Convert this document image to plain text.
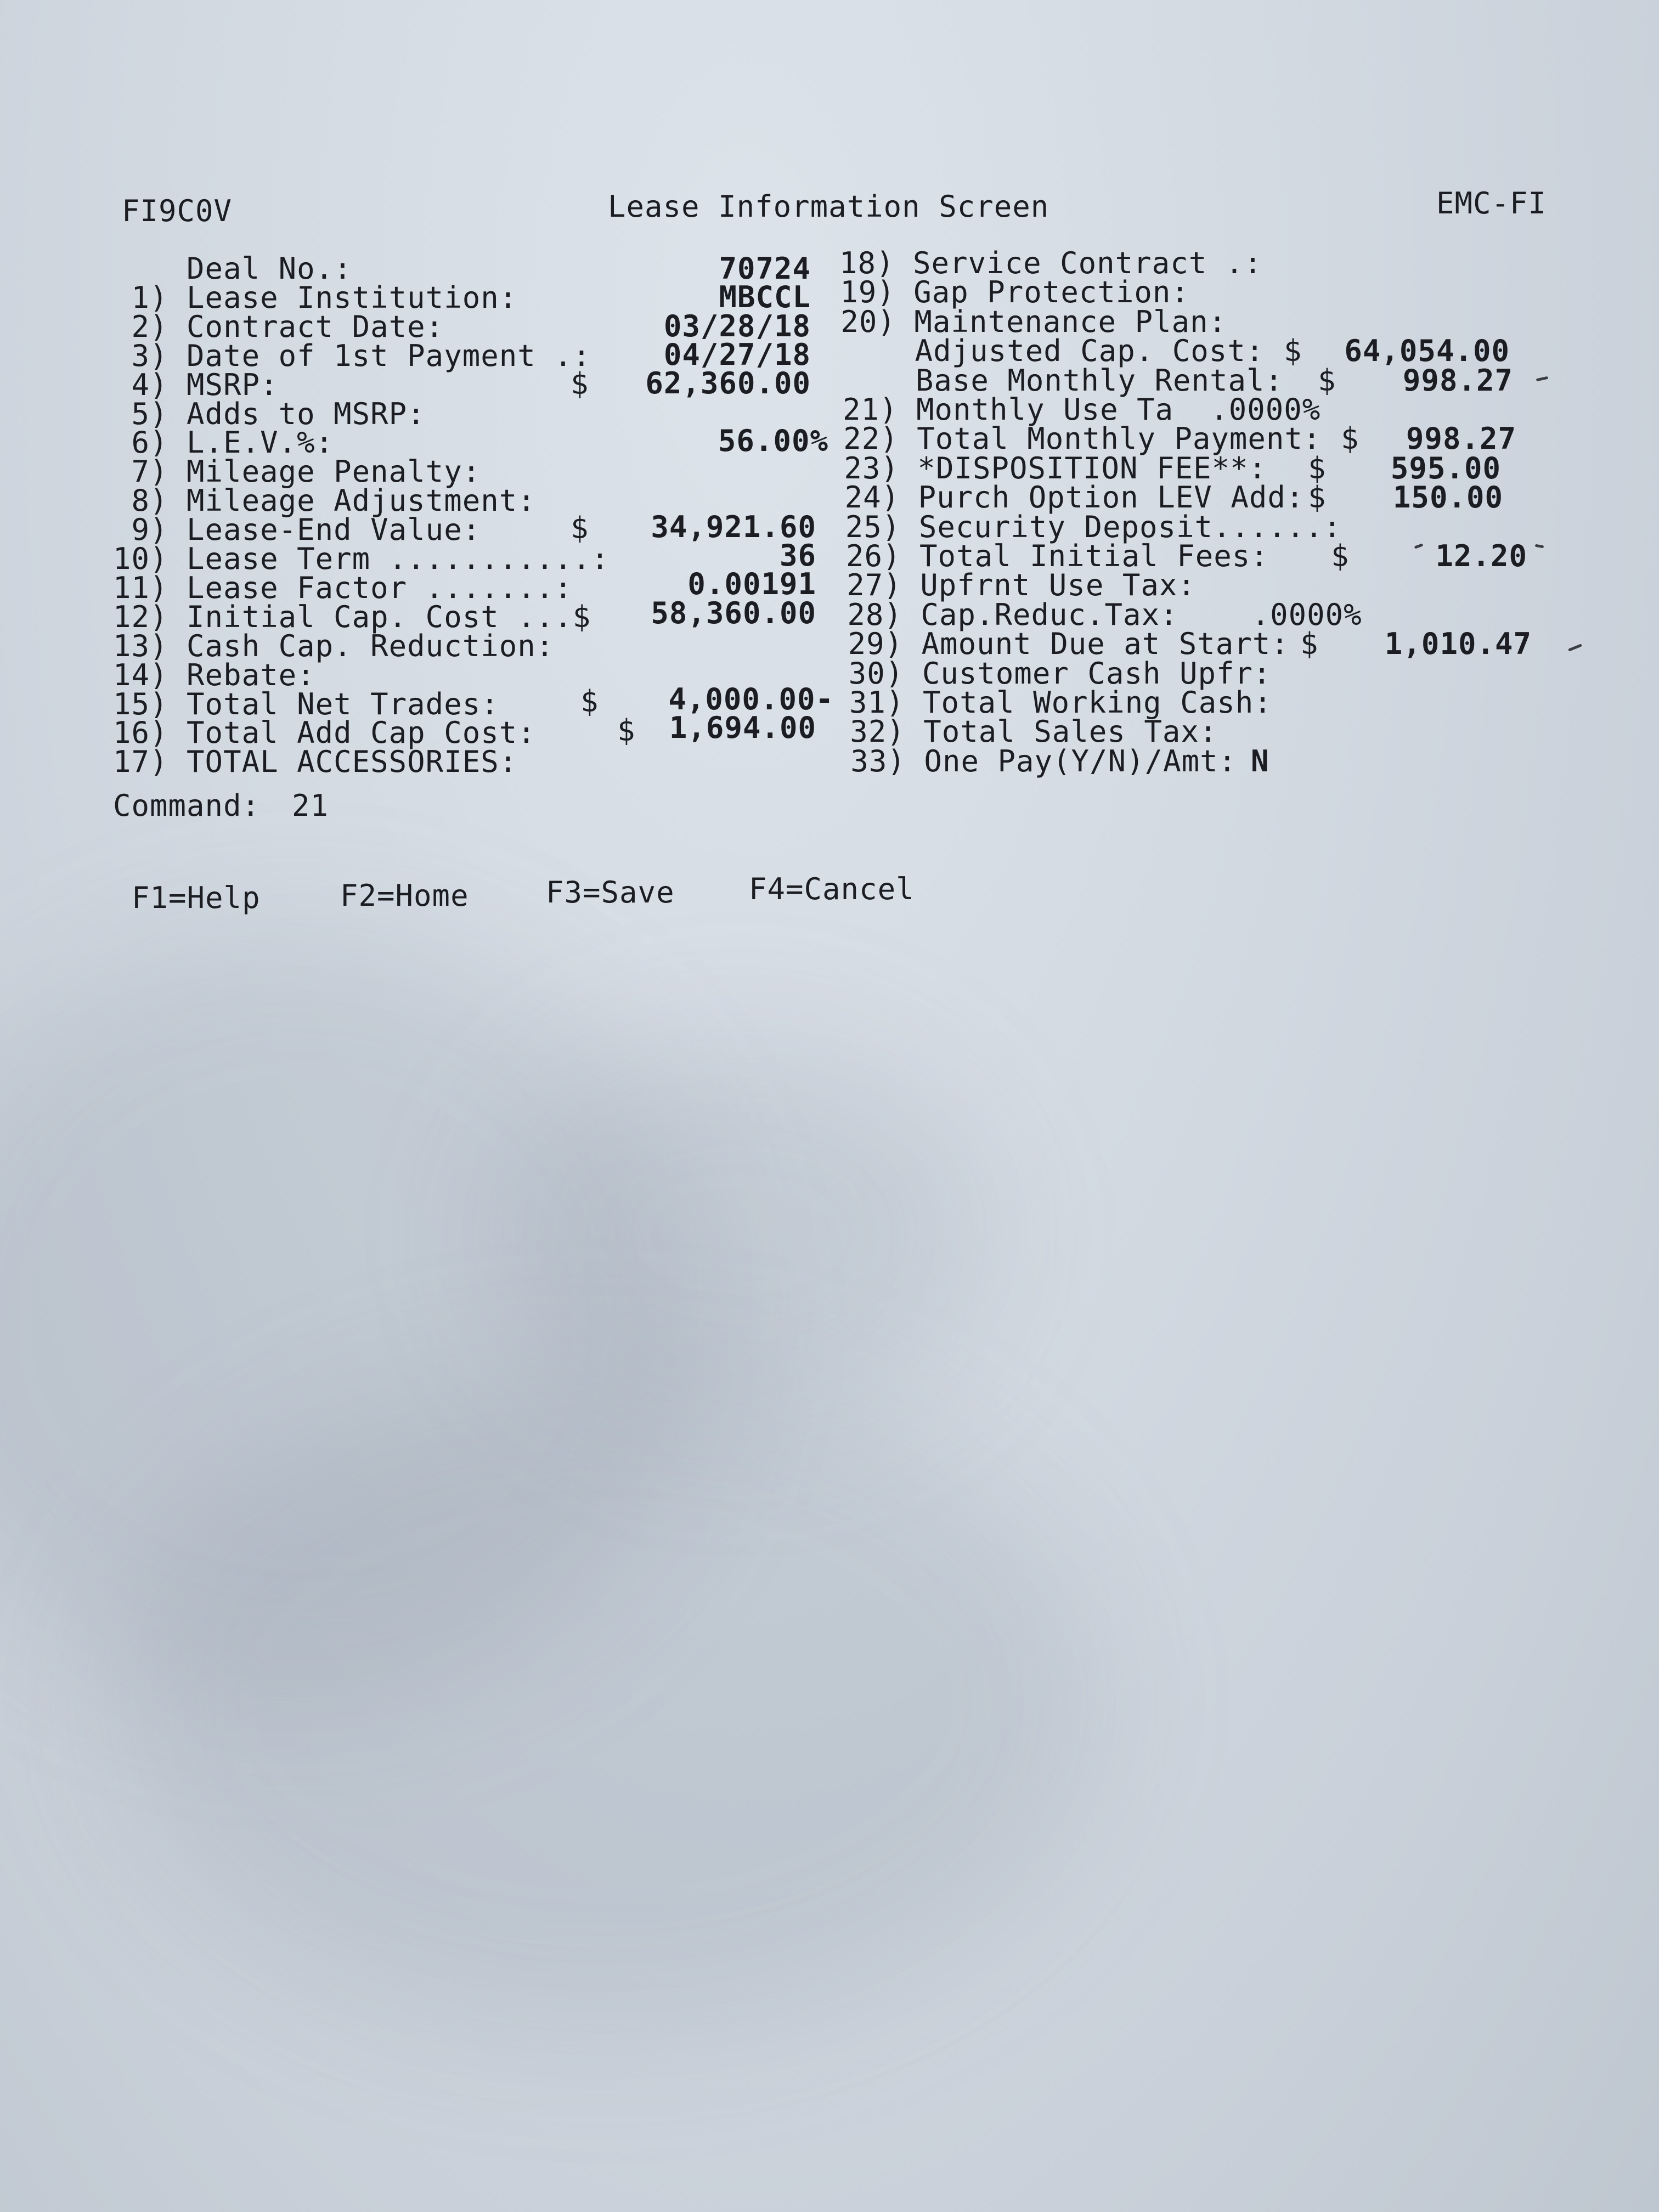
FI9C0V	Lease Information Screen	EMC-FI
Deal No.:	70724
1) Lease Institution:	MBCCL
2) Contract Date:	03/28/18
3) Date of 1st Payment .: 04/27/18
4) MSRP:	$ 62,360.00
5) Adds to MSRP:
6) L.E.V.%:	56.00%
7) Mileage Penalty:
8) Mileage Adjustment:
9) Lease-End Value:	$ 34,921.60
10) Lease Term ...........:	36
11) Lease Factor .......:	0.00191
12) Initial Cap. Cost ...$ 58,360.00
13) Cash Cap. Reduction:
14) Rebate:
15) Total Net Trades:	$ 4,000.00-
16) Total Add Cap Cost:	$ 1,694.00
17) TOTAL ACCESSORIES:
18) Service Contract .:
19) Gap Protection:
20) Maintenance Plan:
Adjusted Cap. Cost: $ 64,054.00
Base Monthly Rental: $ 998.27
21) Monthly Use Ta  .0000%
22) Total Monthly Payment: $ 998.27
23) *DISPOSITION FEE**: $ 595.00
24) Purch Option LEV Add: $ 150.00
25) Security Deposit......:
26) Total Initial Fees: $	12.20
27) Upfrnt Use Tax:
28) Cap.Reduc.Tax:    .0000%
29) Amount Due at Start: $ 1,010.47
30) Customer Cash Upfr:
31) Total Working Cash:
32) Total Sales Tax:
33) One Pay(Y/N)/Amt: N
Command: 21
F1=Help	F2=Home	F3=Save	F4=Cancel
